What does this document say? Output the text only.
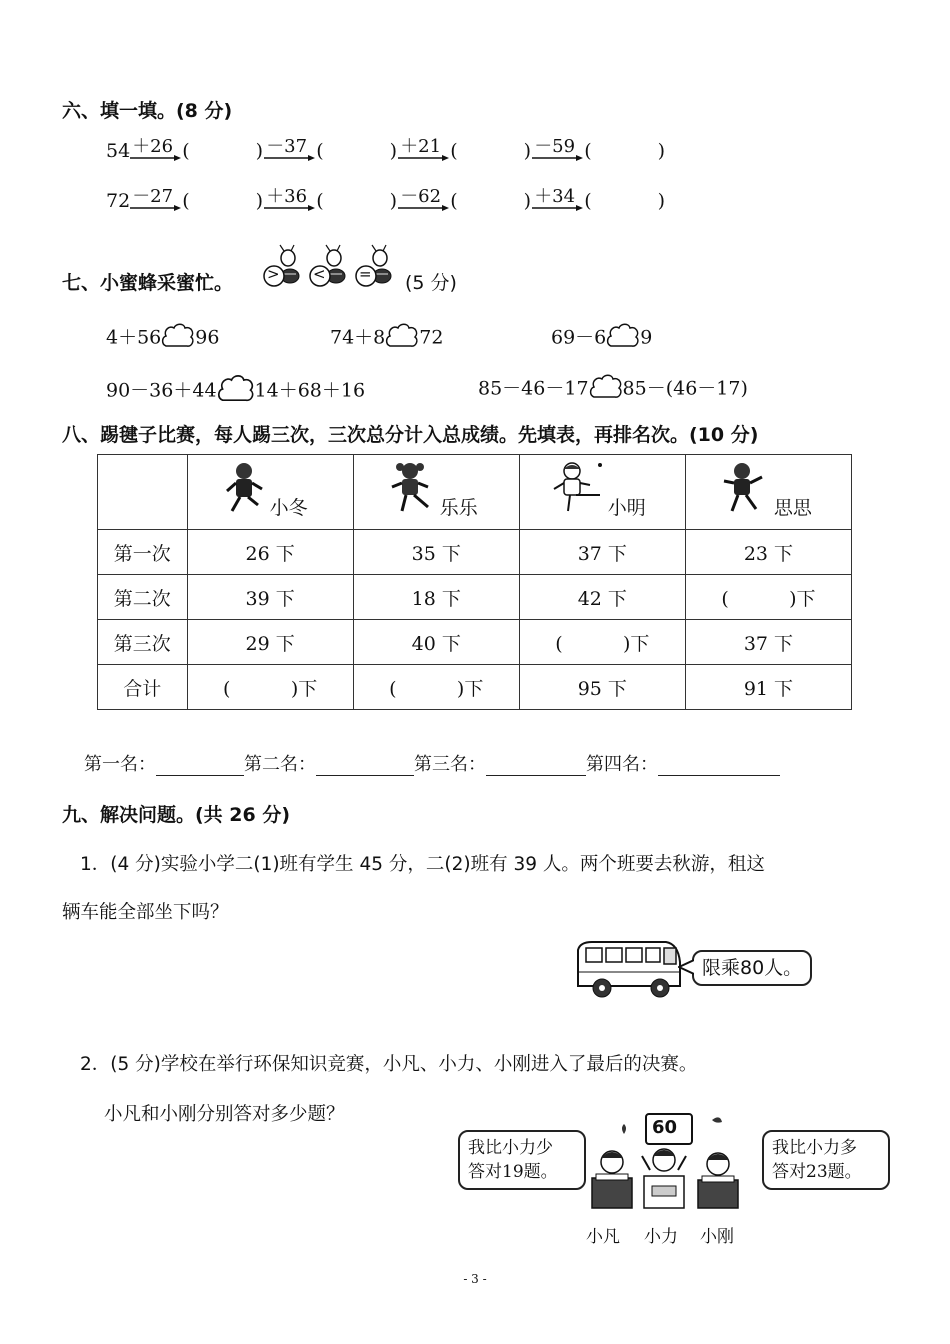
六、填一填。(8 分)
54 ＋26 (	) －37 (	) ＋21 (	) －59 (	)
72 －27 (	) ＋36 (	) －62 (	) ＋34 (	)
七、小蜜蜂采蜜忙。 > < = (5 分)
4＋56 96	74＋8 72	69－6 9
90－36＋44 14＋68＋16	85－46－17 85－(46－17)
八、踢毽子比赛，每人踢三次，三次总分计入总成绩。先填表，再排名次。(10 分)

	小冬	乐乐	小明	思思

第一次	26 下	35 下	37 下	23 下
第二次	39 下	18 下	42 下	(          )下
第三次	29 下	40 下	(          )下	37 下
合计	(          )下	(          )下	95 下	91 下
第一名：	第二名：	第三名：	第四名：
九、解决问题。(共 26 分)
1．(4 分)实验小学二(1)班有学生 45 分，二(2)班有 39 人。两个班要去秋游，租这
辆车能全部坐下吗？
限乘80人。
2．(5 分)学校在举行环保知识竞赛，小凡、小力、小刚进入了最后的决赛。
小凡和小刚分别答对多少题？
我比小力少
答对19题。
我比小力多
答对23题。
60
小凡 小力 小刚
- 3 -
